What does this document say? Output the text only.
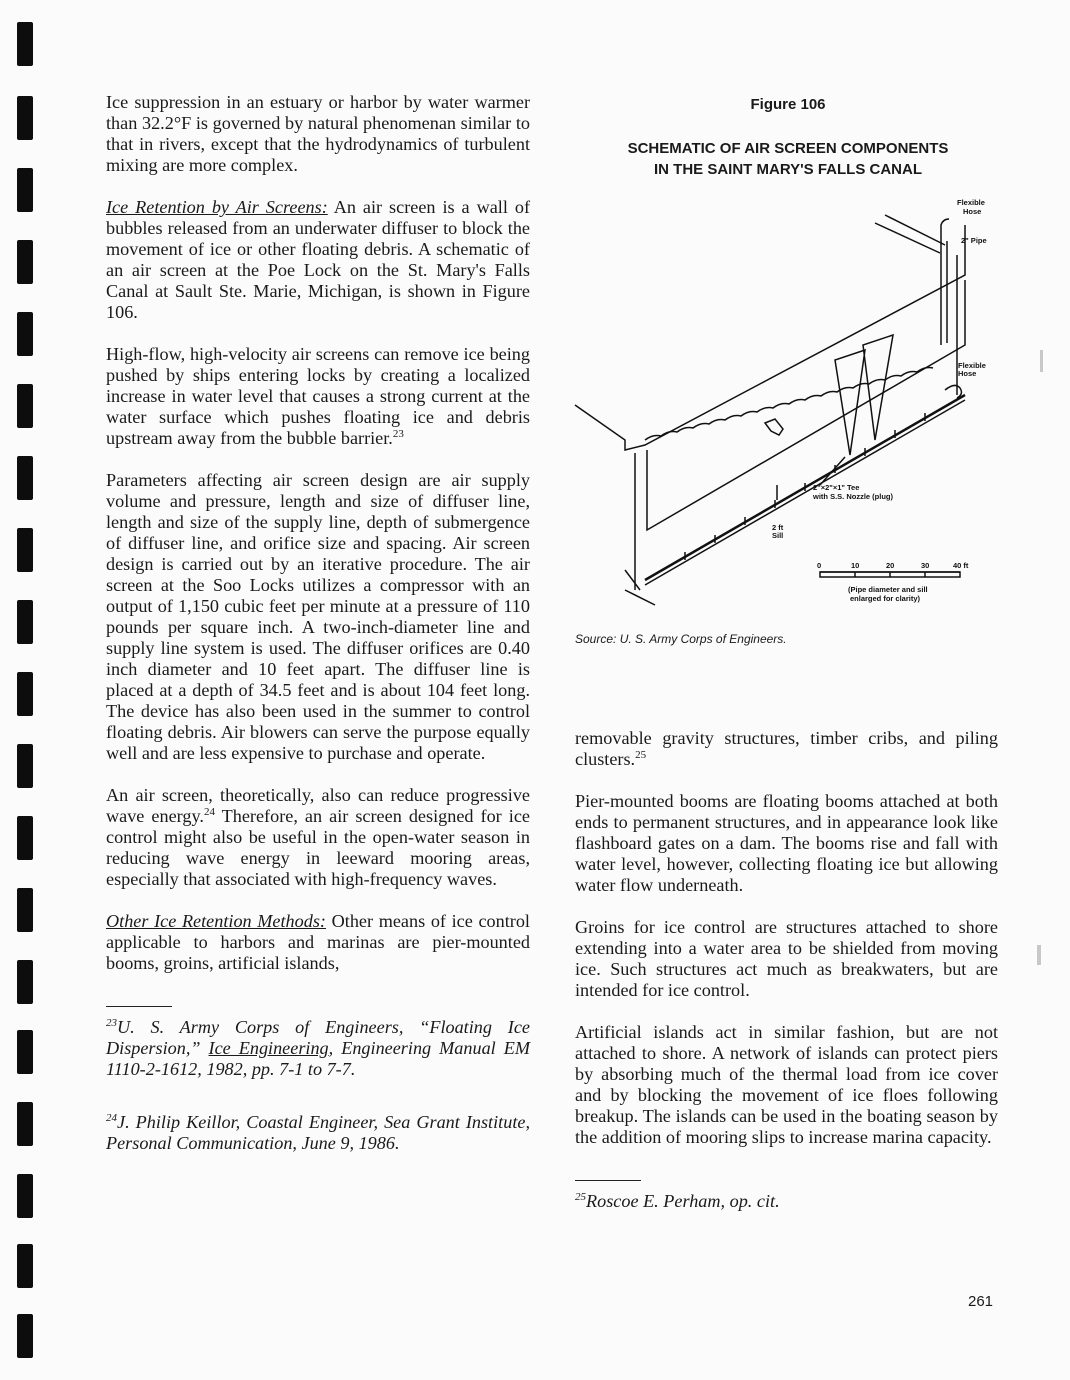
Ice suppression in an estuary or harbor by water warmer than 32.2°F is governed by natural phenomenan similar to that in rivers, except that the hydrodynamics of turbulent mixing are more complex.

Ice Retention by Air Screens: An air screen is a wall of bubbles released from an underwater diffuser to block the movement of ice or other floating debris. A schematic of an air screen at the Poe Lock on the St. Mary's Falls Canal at Sault Ste. Marie, Michigan, is shown in Figure 106.

High-flow, high-velocity air screens can remove ice being pushed by ships entering locks by creating a localized increase in water level that causes a strong current at the water surface which pushes floating ice and debris upstream away from the bubble barrier.$^{23}$

Parameters affecting air screen design are air supply volume and pressure, length and size of diffuser line, length and size of the supply line, depth of submergence of diffuser line, and orifice size and spacing. Air screen design is carried out by an iterative procedure. The air screen at the Soo Locks utilizes a compressor with an output of 1,150 cubic feet per minute at a pressure of 110 pounds per square inch. A two-inch-diameter line and supply line system is used. The diffuser orifices are 0.40 inch diameter and 10 feet apart. The diffuser line is placed at a depth of 34.5 feet and is about 104 feet long. The device has also been used in the summer to control floating debris. Air blowers can serve the purpose equally well and are less expensive to purchase and operate.

An air screen, theoretically, also can reduce progressive wave energy.$^{24}$ Therefore, an air screen designed for ice control might also be useful in the open-water season in reducing wave energy in leeward mooring areas, especially that associated with high-frequency waves.

Other Ice Retention Methods: Other means of ice control applicable to harbors and marinas are pier-mounted booms, groins, artificial islands,

$^{23}$U. S. Army Corps of Engineers, “Floating Ice Dispersion,” Ice Engineering, Engineering Manual EM 1110-2-1612, 1982, pp. 7-1 to 7-7.

$^{24}$J. Philip Keillor, Coastal Engineer, Sea Grant Institute, Personal Communication, June 9, 1986.

Figure 106
SCHEMATIC OF AIR SCREEN COMPONENTS
IN THE SAINT MARY'S FALLS CANAL
Flexible
Hose
2" Pipe
Flexible
Hose
2"×2"×1" Tee
with S.S. Nozzle (plug)
2 ft
Sill
0	10	20	30	40 ft
(Pipe diameter and sill
enlarged for clarity)
Source: U. S. Army Corps of Engineers.

removable gravity structures, timber cribs, and piling clusters.$^{25}$

Pier-mounted booms are floating booms attached at both ends to permanent structures, and in appearance look like flashboard gates on a dam. The booms rise and fall with water level, however, collecting floating ice but allowing water flow underneath.

Groins for ice control are structures attached to shore extending into a water area to be shielded from moving ice. Such structures act much as breakwaters, but are intended for ice control.

Artificial islands act in similar fashion, but are not attached to shore. A network of islands can protect piers by absorbing much of the thermal load from ice cover and by blocking the movement of ice floes following breakup. The islands can be used in the boating season by the addition of mooring slips to increase marina capacity.

$^{25}$Roscoe E. Perham, op. cit.

261
